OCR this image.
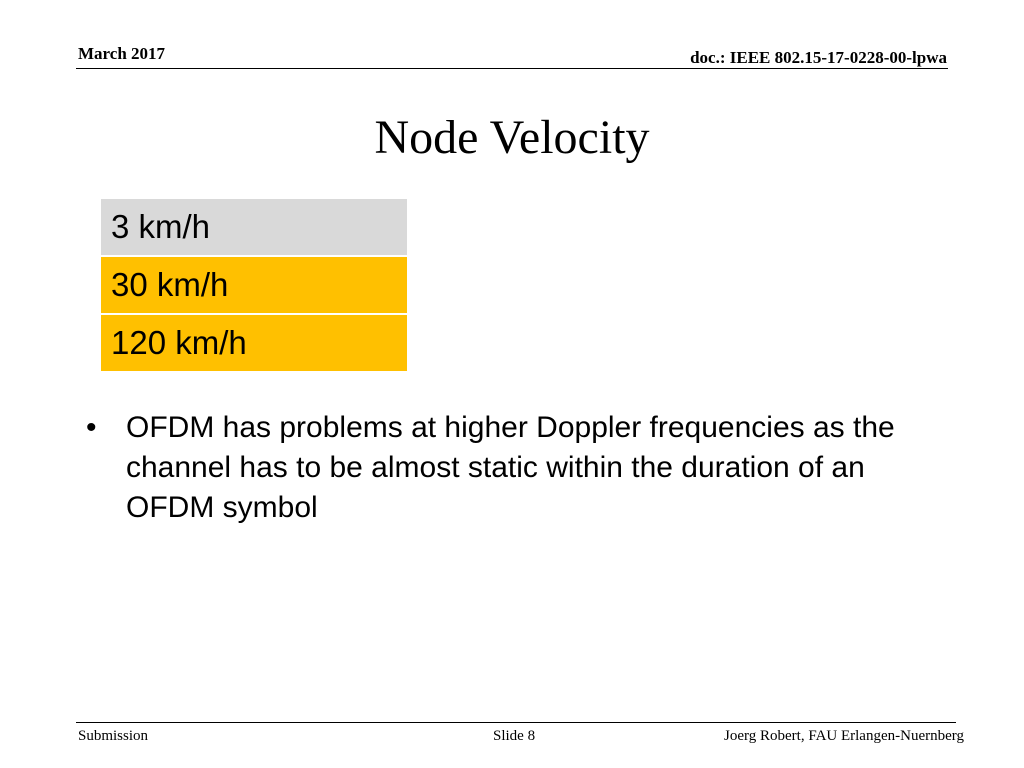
March 2017	doc.: IEEE 802.15-17-0228-00-lpwa
Node Velocity
3 km/h
30 km/h
120 km/h
• OFDM has problems at higher Doppler frequencies as the channel has to be almost static within the duration of an OFDM symbol
Submission	Slide 8	Joerg Robert, FAU Erlangen-Nuernberg
